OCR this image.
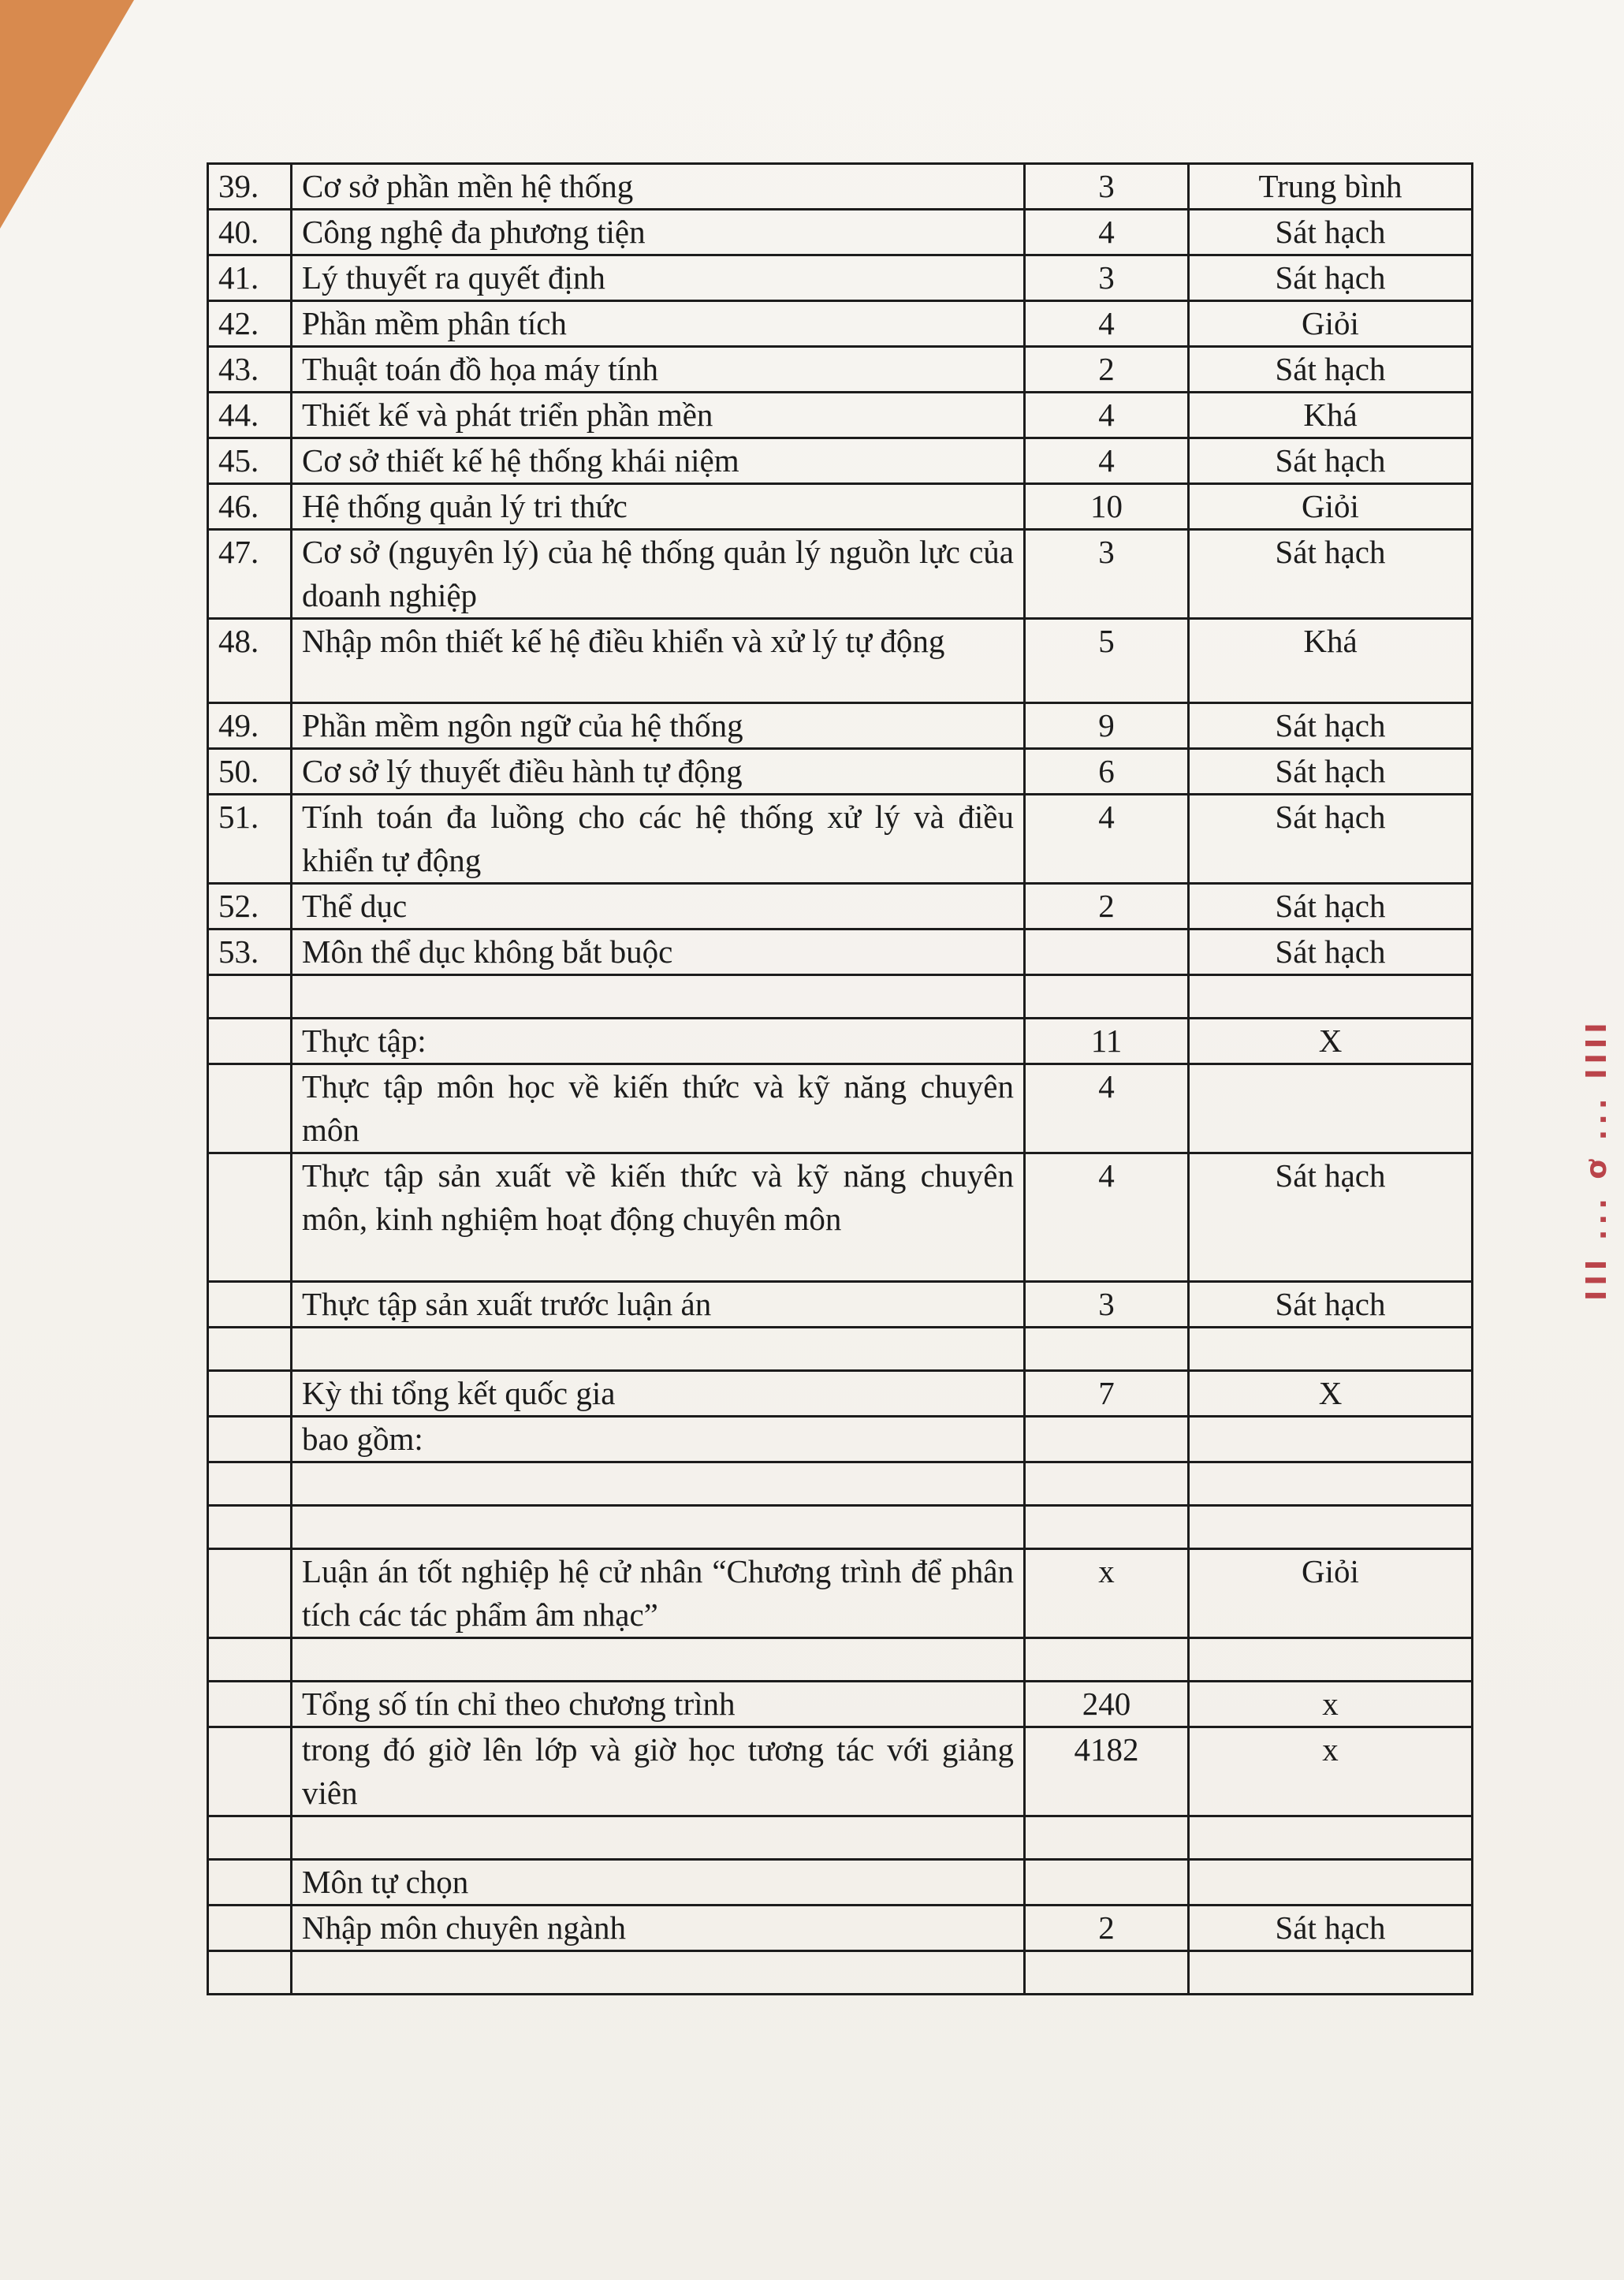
III ... ơ ... IIII
39.	Cơ sở phần mền hệ thống	3	Trung bình
40.	Công nghệ đa phương tiện	4	Sát hạch
41.	Lý thuyết ra quyết định	3	Sát hạch
42.	Phần mềm phân tích	4	Giỏi
43.	Thuật toán đồ họa máy tính	2	Sát hạch
44.	Thiết kế và phát triển phần mền	4	Khá
45.	Cơ sở thiết kế hệ thống khái niệm	4	Sát hạch
46.	Hệ thống quản lý tri thức	10	Giỏi
47.	Cơ sở (nguyên lý) của hệ thống quản lý nguồn lực của doanh nghiệp	3	Sát hạch
48.	Nhập môn thiết kế hệ điều khiển và xử lý tự động	5	Khá
49.	Phần mềm ngôn ngữ của hệ thống	9	Sát hạch
50.	Cơ sở lý thuyết điều hành tự động	6	Sát hạch
51.	Tính toán đa luồng cho các hệ thống xử lý và điều khiển tự động	4	Sát hạch
52.	Thể dục	2	Sát hạch
53.	Môn thể dục không bắt buộc		Sát hạch

	Thực tập:	11	X
	Thực tập môn học về kiến thức và kỹ năng chuyên môn	4	
	Thực tập sản xuất về kiến thức và kỹ năng chuyên môn, kinh nghiệm hoạt động chuyên môn	4	Sát hạch
	Thực tập sản xuất trước luận án	3	Sát hạch

	Kỳ thi tổng kết quốc gia	7	X
	bao gồm:		

	Luận án tốt nghiệp hệ cử nhân “Chương trình để phân tích các tác phẩm âm nhạc”	x	Giỏi

	Tổng số tín chỉ theo chương trình	240	x
	trong đó giờ lên lớp và giờ học tương tác với giảng viên	4182	x

	Môn tự chọn		
	Nhập môn chuyên ngành	2	Sát hạch
